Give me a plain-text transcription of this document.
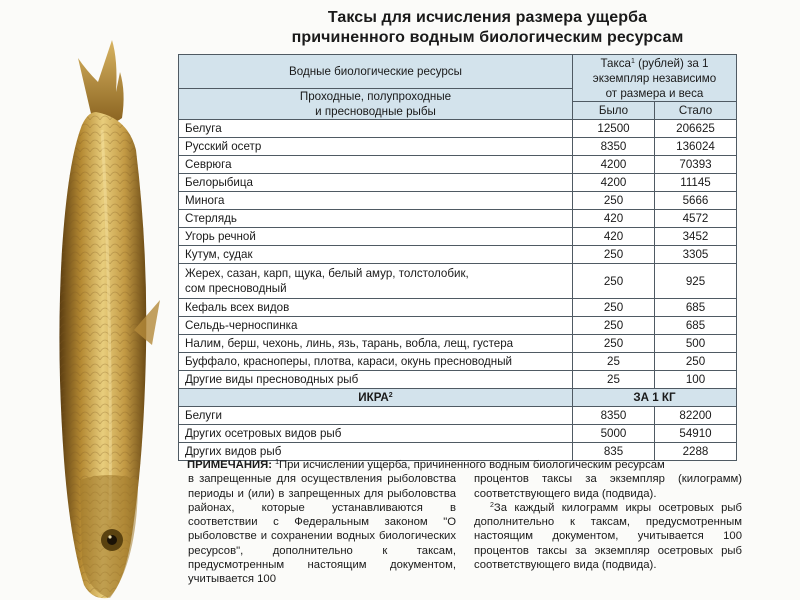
Таксы для исчисления размера ущерба
причиненного водным биологическим ресурсам
Водные биологические ресурсы	Такса$^1$ (рублей) за 1
экземпляр независимо
от размера и веса	
Проходные, полупроходные
и пресноводные рыбы		
	Было	Стало
Белуга	12500	206625
Русский осетр	8350	136024
Севрюга	4200	70393
Белорыбица	4200	11145
Минога	250	5666
Стерлядь	420	4572
Угорь речной	420	3452
Кутум, судак	250	3305
Жерех, сазан, карп, щука, белый амур, толстолобик,
сом пресноводный	250	925
Кефаль всех видов	250	685
Сельдь-черноспинка	250	685
Налим, берш, чехонь, линь, язь, тарань, вобла, лещ, густера	250	500
Буффало, красноперы, плотва, караси, окунь пресноводный	25	250
Другие виды пресноводных рыб	25	100
ИКРА$^2$	ЗА 1 КГ	
Белуги	8350	82200
Других осетровых видов рыб	5000	54910
Других видов рыб	835	2288
ПРИМЕЧАНИЯ: $^1$При исчислении ущерба, причиненного водным биологическим ресурсам
в запрещенные для осуществления рыболовства периоды и (или) в запрещенных для рыболовства районах, которые устанавливаются в соответствии с Федеральным законом "О рыболовстве и сохранении водных биологических ресурсов", дополнительно к таксам, предусмотренным настоящим документом, учитывается 100
процентов таксы за экземпляр (килограмм) соответствующего вида (подвида).
$^2$За каждый килограмм икры осетровых рыб дополнительно к таксам, предусмотренным настоящим документом, учитывается 100 процентов таксы за экземпляр осетровых рыб соответствующего вида (подвида).
